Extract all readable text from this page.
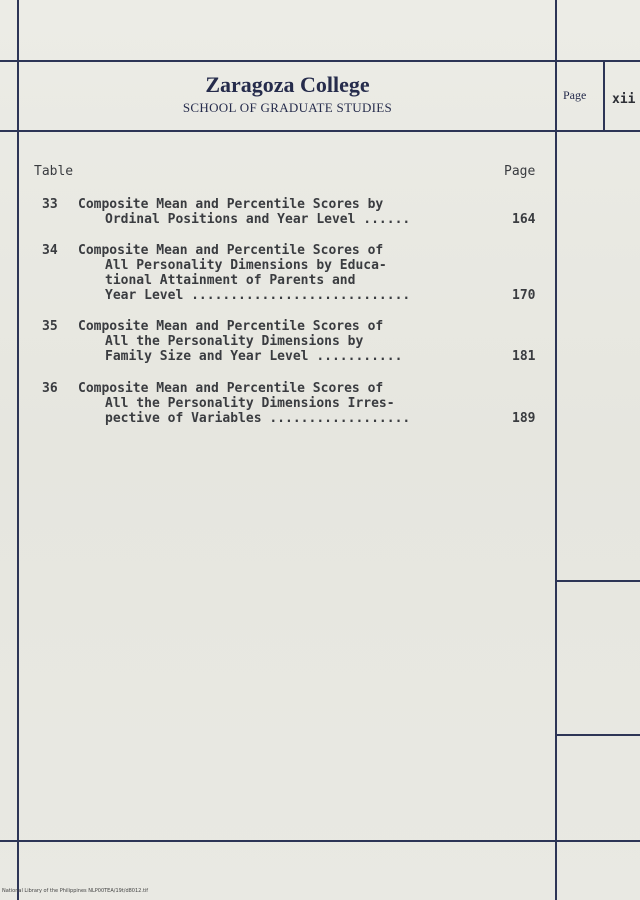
Zaragoza College
SCHOOL OF GRADUATE STUDIES
Page xii
Table	Page
33 Composite Mean and Percentile Scores by
Ordinal Positions and Year Level ......	164
34 Composite Mean and Percentile Scores of
All Personality Dimensions by Educa-
tional Attainment of Parents and
Year Level ............................	170
35 Composite Mean and Percentile Scores of
All the Personality Dimensions by
Family Size and Year Level ...........	181
36 Composite Mean and Percentile Scores of
All the Personality Dimensions Irres-
pective of Variables ..................	189
National Library of the Philippines NLP00TEA/19t/d8012.tif
